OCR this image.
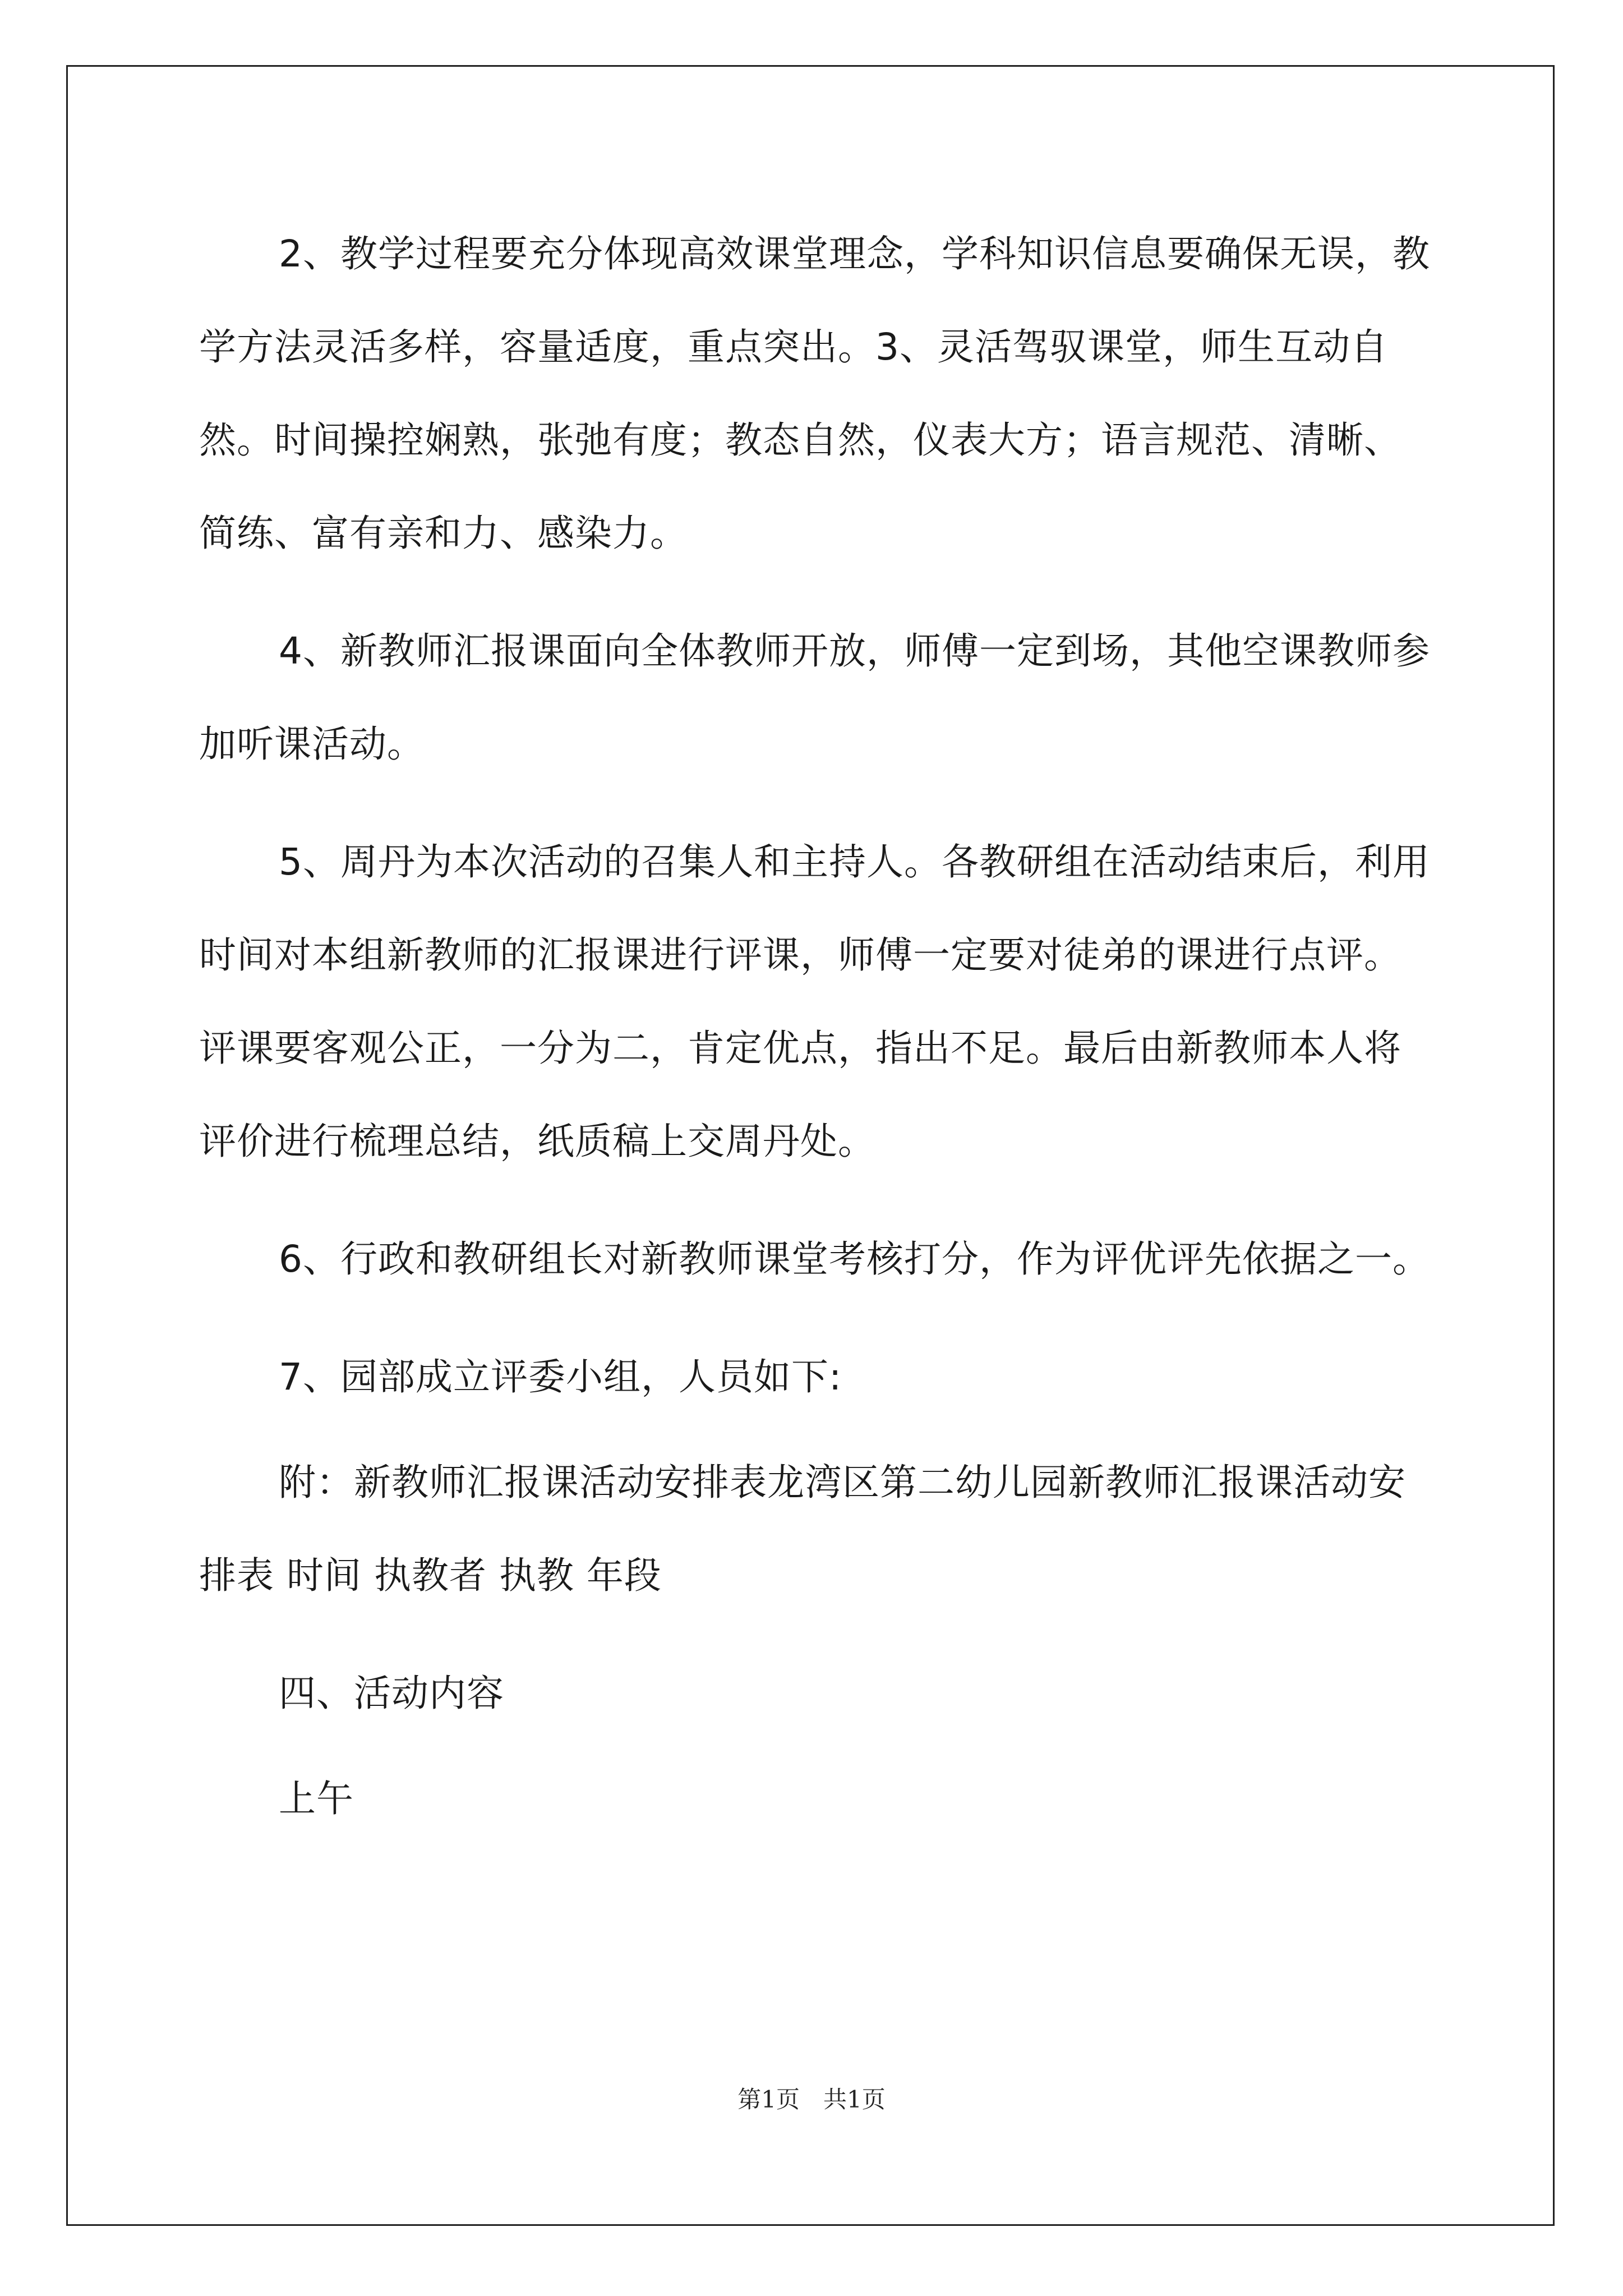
2、教学过程要充分体现高效课堂理念，学科知识信息要确保无误，教学方法灵活多样，容量适度，重点突出。3、灵活驾驭课堂，师生互动自然。时间操控娴熟，张弛有度；教态自然，仪表大方；语言规范、清晰、简练、富有亲和力、感染力。

4、新教师汇报课面向全体教师开放，师傅一定到场，其他空课教师参加听课活动。

5、周丹为本次活动的召集人和主持人。各教研组在活动结束后，利用时间对本组新教师的汇报课进行评课，师傅一定要对徒弟的课进行点评。评课要客观公正，一分为二，肯定优点，指出不足。最后由新教师本人将评价进行梳理总结，纸质稿上交周丹处。

6、行政和教研组长对新教师课堂考核打分，作为评优评先依据之一。

7、园部成立评委小组，人员如下:

附：新教师汇报课活动安排表龙湾区第二幼儿园新教师汇报课活动安排表 时间 执教者 执教 年段

四、活动内容

上午

第1页　共1页
